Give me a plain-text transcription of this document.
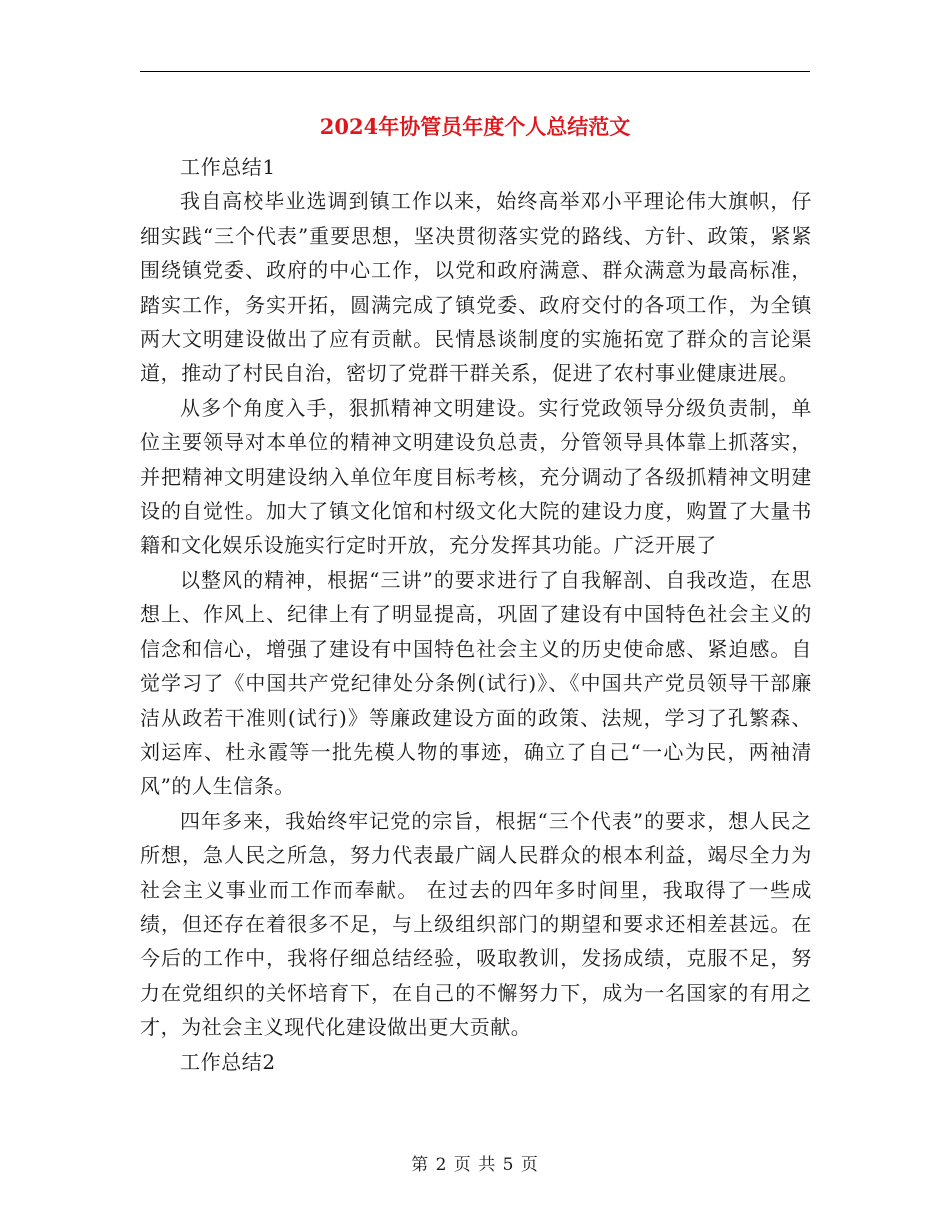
2024年协管员年度个人总结范文

工作总结1

我自高校毕业选调到镇工作以来，始终高举邓小平理论伟大旗帜，仔细实践“三个代表”重要思想，坚决贯彻落实党的路线、方针、政策，紧紧围绕镇党委、政府的中心工作，以党和政府满意、群众满意为最高标准，踏实工作，务实开拓，圆满完成了镇党委、政府交付的各项工作，为全镇两大文明建设做出了应有贡献。民情恳谈制度的实施拓宽了群众的言论渠道，推动了村民自治，密切了党群干群关系，促进了农村事业健康进展。

从多个角度入手，狠抓精神文明建设。实行党政领导分级负责制，单位主要领导对本单位的精神文明建设负总责，分管领导具体靠上抓落实，并把精神文明建设纳入单位年度目标考核，充分调动了各级抓精神文明建设的自觉性。加大了镇文化馆和村级文化大院的建设力度，购置了大量书籍和文化娱乐设施实行定时开放，充分发挥其功能。广泛开展了

以整风的精神，根据“三讲”的要求进行了自我解剖、自我改造，在思想上、作风上、纪律上有了明显提高，巩固了建设有中国特色社会主义的信念和信心，增强了建设有中国特色社会主义的历史使命感、紧迫感。自觉学习了《中国共产党纪律处分条例(试行)》、《中国共产党员领导干部廉洁从政若干准则(试行)》等廉政建设方面的政策、法规，学习了孔繁森、刘运库、杜永霞等一批先模人物的事迹，确立了自己“一心为民，两袖清风”的人生信条。

四年多来，我始终牢记党的宗旨，根据“三个代表”的要求，想人民之所想，急人民之所急，努力代表最广阔人民群众的根本利益，竭尽全力为社会主义事业而工作而奉献。 在过去的四年多时间里，我取得了一些成绩，但还存在着很多不足，与上级组织部门的期望和要求还相差甚远。在今后的工作中，我将仔细总结经验，吸取教训，发扬成绩，克服不足，努力在党组织的关怀培育下，在自己的不懈努力下，成为一名国家的有用之才，为社会主义现代化建设做出更大贡献。

工作总结2

第 2 页 共 5 页
